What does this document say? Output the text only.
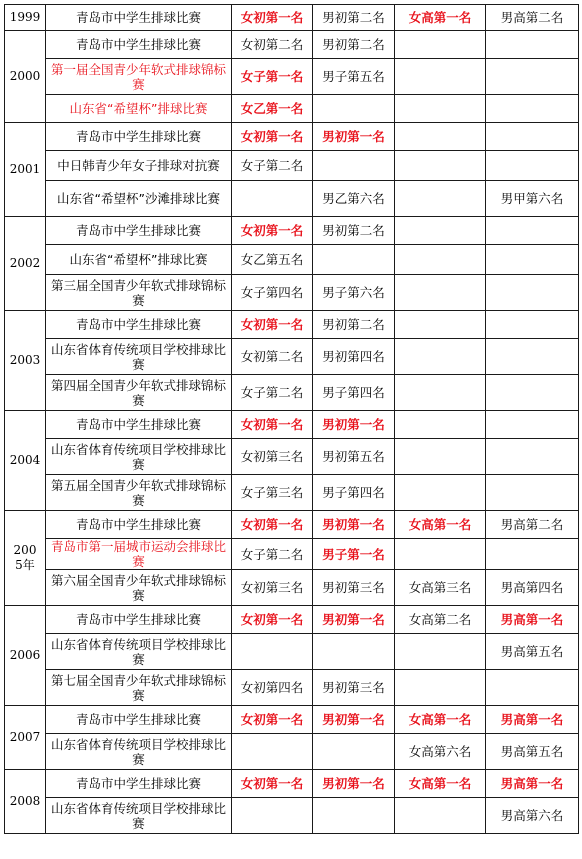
1999	青岛市中学生排球比赛	女初第一名	男初第二名	女高第一名	男高第二名
2000	青岛市中学生排球比赛	女初第二名	男初第二名		
	第一届全国青少年软式排球锦标赛	女子第一名	男子第五名		
	山东省“希望杯”排球比赛	女乙第一名			
2001	青岛市中学生排球比赛	女初第一名	男初第一名		
	中日韩青少年女子排球对抗赛	女子第二名			
	山东省“希望杯”沙滩排球比赛		男乙第六名		男甲第六名
2002	青岛市中学生排球比赛	女初第一名	男初第二名		
	山东省“希望杯”排球比赛	女乙第五名			
	第三届全国青少年软式排球锦标赛	女子第四名	男子第六名		
2003	青岛市中学生排球比赛	女初第一名	男初第二名		
	山东省体育传统项目学校排球比赛	女初第二名	男初第四名		
	第四届全国青少年软式排球锦标赛	女子第二名	男子第四名		
2004	青岛市中学生排球比赛	女初第一名	男初第一名		
	山东省体育传统项目学校排球比赛	女初第三名	男初第五名		
	第五届全国青少年软式排球锦标赛	女子第三名	男子第四名		
2005年	青岛市中学生排球比赛	女初第一名	男初第一名	女高第一名	男高第二名
	青岛市第一届城市运动会排球比赛	女子第二名	男子第一名		
	第六届全国青少年软式排球锦标赛	女初第三名	男初第三名	女高第三名	男高第四名
2006	青岛市中学生排球比赛	女初第一名	男初第一名	女高第二名	男高第一名
	山东省体育传统项目学校排球比赛				男高第五名
	第七届全国青少年软式排球锦标赛	女初第四名	男初第三名		
2007	青岛市中学生排球比赛	女初第一名	男初第一名	女高第一名	男高第一名
	山东省体育传统项目学校排球比赛			女高第六名	男高第五名
2008	青岛市中学生排球比赛	女初第一名	男初第一名	女高第一名	男高第一名
	山东省体育传统项目学校排球比赛				男高第六名
